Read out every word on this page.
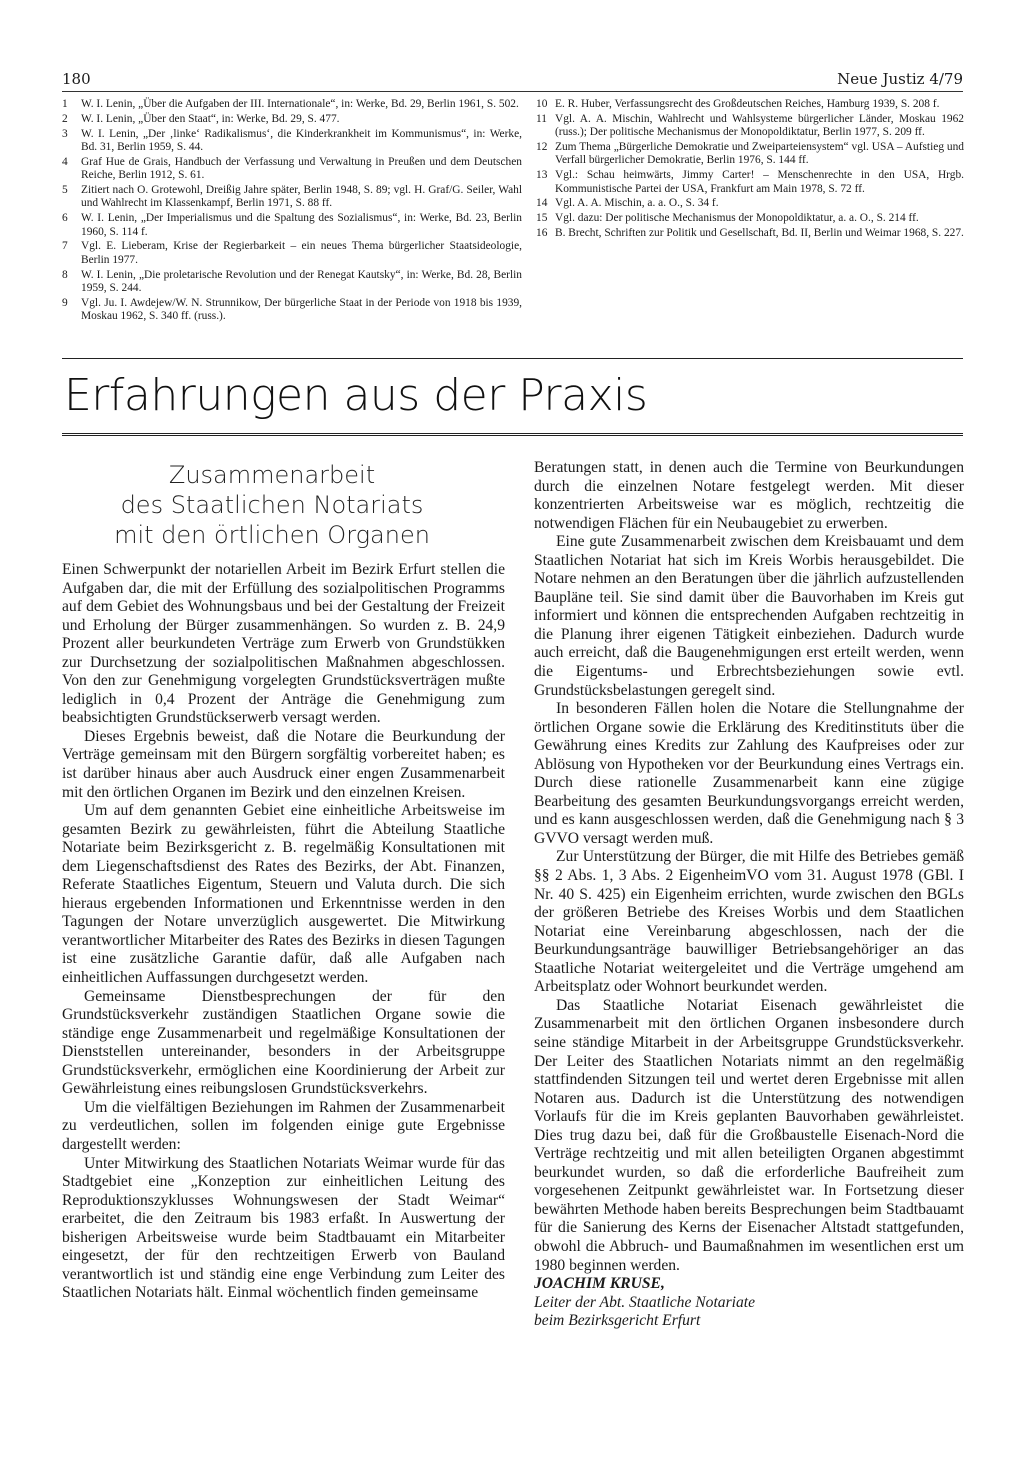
180	Neue Justiz 4/79
1	W. I. Lenin, „Über die Aufgaben der III. Internationale“, in: Werke, Bd. 29, Berlin 1961, S. 502.
2	W. I. Lenin, „Über den Staat“, in: Werke, Bd. 29, S. 477.
3	W. I. Lenin, „Der ‚linke‘ Radikalismus‘, die Kinderkrankheit im Kommunismus“, in: Werke, Bd. 31, Berlin 1959, S. 44.
4	Graf Hue de Grais, Handbuch der Verfassung und Verwaltung in Preußen und dem Deutschen Reiche, Berlin 1912, S. 61.
5	Zitiert nach O. Grotewohl, Dreißig Jahre später, Berlin 1948, S. 89; vgl. H. Graf/G. Seiler, Wahl und Wahlrecht im Klassenkampf, Berlin 1971, S. 88 ff.
6	W. I. Lenin, „Der Imperialismus und die Spaltung des Sozialismus“, in: Werke, Bd. 23, Berlin 1960, S. 114 f.
7	Vgl. E. Lieberam, Krise der Regierbarkeit – ein neues Thema bürgerlicher Staatsideologie, Berlin 1977.
8	W. I. Lenin, „Die proletarische Revolution und der Renegat Kautsky“, in: Werke, Bd. 28, Berlin 1959, S. 244.
9	Vgl. Ju. I. Awdejew/W. N. Strunnikow, Der bürgerliche Staat in der Periode von 1918 bis 1939, Moskau 1962, S. 340 ff. (russ.).
10 E. R. Huber, Verfassungsrecht des Großdeutschen Reiches, Hamburg 1939, S. 208 f.
11 Vgl. A. A. Mischin, Wahlrecht und Wahlsysteme bürgerlicher Länder, Moskau 1962 (russ.); Der politische Mechanismus der Monopoldiktatur, Berlin 1977, S. 209 ff.
12 Zum Thema „Bürgerliche Demokratie und Zweiparteiensystem“ vgl. USA – Aufstieg und Verfall bürgerlicher Demokratie, Berlin 1976, S. 144 ff.
13 Vgl.: Schau heimwärts, Jimmy Carter! – Menschenrechte in den USA, Hrgb. Kommunistische Partei der USA, Frankfurt am Main 1978, S. 72 ff.
14 Vgl. A. A. Mischin, a. a. O., S. 34 f.
15 Vgl. dazu: Der politische Mechanismus der Monopoldiktatur, a. a. O., S. 214 ff.
16 B. Brecht, Schriften zur Politik und Gesellschaft, Bd. II, Berlin und Weimar 1968, S. 227.
Erfahrungen aus der Praxis
Zusammenarbeit
des Staatlichen Notariats
mit den örtlichen Organen

Einen Schwerpunkt der notariellen Arbeit im Bezirk Erfurt stellen die Aufgaben dar, die mit der Erfüllung des sozialpolitischen Programms auf dem Gebiet des Wohnungsbaus und bei der Gestaltung der Freizeit und Erholung der Bürger zusammenhängen. So wurden z. B. 24,9 Prozent aller beurkundeten Verträge zum Erwerb von Grundstükken zur Durchsetzung der sozialpolitischen Maßnahmen abgeschlossen. Von den zur Genehmigung vorgelegten Grundstücksverträgen mußte lediglich in 0,4 Prozent der Anträge die Genehmigung zum beabsichtigten Grundstückserwerb versagt werden.

Dieses Ergebnis beweist, daß die Notare die Beurkundung der Verträge gemeinsam mit den Bürgern sorgfältig vorbereitet haben; es ist darüber hinaus aber auch Ausdruck einer engen Zusammenarbeit mit den örtlichen Organen im Bezirk und den einzelnen Kreisen.

Um auf dem genannten Gebiet eine einheitliche Arbeitsweise im gesamten Bezirk zu gewährleisten, führt die Abteilung Staatliche Notariate beim Bezirksgericht z. B. regelmäßig Konsultationen mit dem Liegenschaftsdienst des Rates des Bezirks, der Abt. Finanzen, Referate Staatliches Eigentum, Steuern und Valuta durch. Die sich hieraus ergebenden Informationen und Erkenntnisse werden in den Tagungen der Notare unverzüglich ausgewertet. Die Mitwirkung verantwortlicher Mitarbeiter des Rates des Bezirks in diesen Tagungen ist eine zusätzliche Garantie dafür, daß alle Aufgaben nach einheitlichen Auffassungen durchgesetzt werden.

Gemeinsame Dienstbesprechungen der für den Grundstücksverkehr zuständigen Staatlichen Organe sowie die ständige enge Zusammenarbeit und regelmäßige Konsultationen der Dienststellen untereinander, besonders in der Arbeitsgruppe Grundstücksverkehr, ermöglichen eine Koordinierung der Arbeit zur Gewährleistung eines reibungslosen Grundstücksverkehrs.

Um die vielfältigen Beziehungen im Rahmen der Zusammenarbeit zu verdeutlichen, sollen im folgenden einige gute Ergebnisse dargestellt werden:

Unter Mitwirkung des Staatlichen Notariats Weimar wurde für das Stadtgebiet eine „Konzeption zur einheitlichen Leitung des Reproduktionszyklusses Wohnungswesen der Stadt Weimar“ erarbeitet, die den Zeitraum bis 1983 erfaßt. In Auswertung der bisherigen Arbeitsweise wurde beim Stadtbauamt ein Mitarbeiter eingesetzt, der für den rechtzeitigen Erwerb von Bauland verantwortlich ist und ständig eine enge Verbindung zum Leiter des Staatlichen Notariats hält. Einmal wöchentlich finden gemeinsame

Beratungen statt, in denen auch die Termine von Beurkundungen durch die einzelnen Notare festgelegt werden. Mit dieser konzentrierten Arbeitsweise war es möglich, rechtzeitig die notwendigen Flächen für ein Neubaugebiet zu erwerben.

Eine gute Zusammenarbeit zwischen dem Kreisbauamt und dem Staatlichen Notariat hat sich im Kreis Worbis herausgebildet. Die Notare nehmen an den Beratungen über die jährlich aufzustellenden Baupläne teil. Sie sind damit über die Bauvorhaben im Kreis gut informiert und können die entsprechenden Aufgaben rechtzeitig in die Planung ihrer eigenen Tätigkeit einbeziehen. Dadurch wurde auch erreicht, daß die Baugenehmigungen erst erteilt werden, wenn die Eigentums- und Erbrechtsbeziehungen sowie evtl. Grundstücksbelastungen geregelt sind.

In besonderen Fällen holen die Notare die Stellungnahme der örtlichen Organe sowie die Erklärung des Kreditinstituts über die Gewährung eines Kredits zur Zahlung des Kaufpreises oder zur Ablösung von Hypotheken vor der Beurkundung eines Vertrags ein. Durch diese rationelle Zusammenarbeit kann eine zügige Bearbeitung des gesamten Beurkundungsvorgangs erreicht werden, und es kann ausgeschlossen werden, daß die Genehmigung nach § 3 GVVO versagt werden muß.

Zur Unterstützung der Bürger, die mit Hilfe des Betriebes gemäß §§ 2 Abs. 1, 3 Abs. 2 EigenheimVO vom 31. August 1978 (GBl. I Nr. 40 S. 425) ein Eigenheim errichten, wurde zwischen den BGLs der größeren Betriebe des Kreises Worbis und dem Staatlichen Notariat eine Vereinbarung abgeschlossen, nach der die Beurkundungsanträge bauwilliger Betriebsangehöriger an das Staatliche Notariat weitergeleitet und die Verträge umgehend am Arbeitsplatz oder Wohnort beurkundet werden.

Das Staatliche Notariat Eisenach gewährleistet die Zusammenarbeit mit den örtlichen Organen insbesondere durch seine ständige Mitarbeit in der Arbeitsgruppe Grundstücksverkehr. Der Leiter des Staatlichen Notariats nimmt an den regelmäßig stattfindenden Sitzungen teil und wertet deren Ergebnisse mit allen Notaren aus. Dadurch ist die Unterstützung des notwendigen Vorlaufs für die im Kreis geplanten Bauvorhaben gewährleistet. Dies trug dazu bei, daß für die Großbaustelle Eisenach-Nord die Verträge rechtzeitig und mit allen beteiligten Organen abgestimmt beurkundet wurden, so daß die erforderliche Baufreiheit zum vorgesehenen Zeitpunkt gewährleistet war. In Fortsetzung dieser bewährten Methode haben bereits Besprechungen beim Stadtbauamt für die Sanierung des Kerns der Eisenacher Altstadt stattgefunden, obwohl die Abbruch- und Baumaßnahmen im wesentlichen erst um 1980 beginnen werden.

JOACHIM KRUSE,
Leiter der Abt. Staatliche Notariate
beim Bezirksgericht Erfurt
